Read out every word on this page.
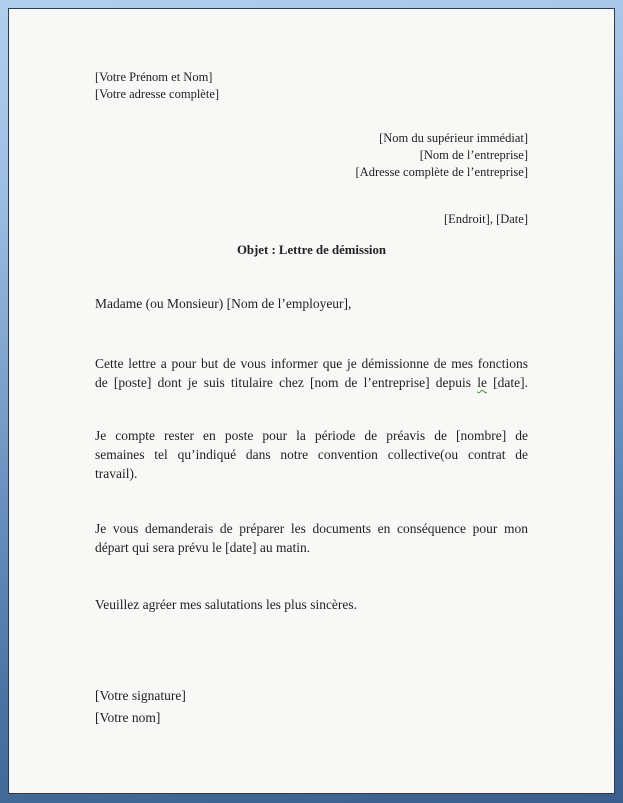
[Votre Prénom et Nom]
[Votre adresse complète]
[Nom du supérieur immédiat]
[Nom de l’entreprise]
[Adresse complète de l’entreprise]
[Endroit], [Date]
Objet : Lettre de démission
Madame (ou Monsieur) [Nom de l’employeur],
Cette lettre a pour but de vous informer que je démissionne de mes fonctions
de [poste] dont je suis titulaire chez [nom de l’entreprise] depuis le [date].
Je compte rester en poste pour la période de préavis de [nombre] de
semaines tel qu’indiqué dans notre convention collective(ou contrat de
travail).
Je vous demanderais de préparer les documents en conséquence pour mon
départ qui sera prévu le [date] au matin.
Veuillez agréer mes salutations les plus sincères.
[Votre signature]
[Votre nom]
